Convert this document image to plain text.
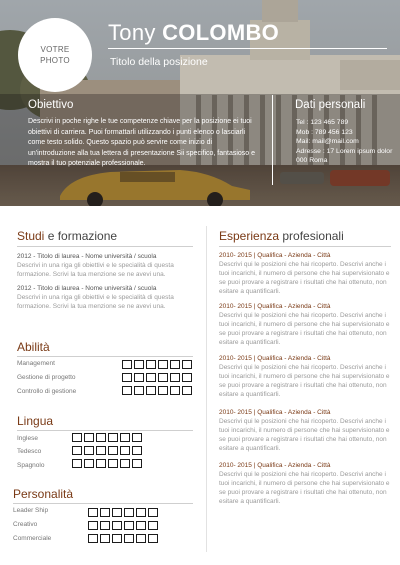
VOTRE
PHOTO
Tony COLOMBO
Titolo della posizione
Obiettivo
Descrivi in poche righe le tue competenze chiave per la posizione ei tuoi obiettivi di carriera. Puoi formattarli utilizzando i punti elenco o lasciarli come testo solido. Questo spazio può servire come inizio di un'introduzione alla tua lettera di presentazione Sii specifico, fantasioso e mostra il tuo potenziale professionale.
Dati personali
Tel : 123 465 789
Mob : 789 456 123
Mail: mail@mail.com
Adresse : 17 Lorem ipsum dolor
000 Roma
Studi e formazione
2012 - Titolo di laurea - Nome università / scuola
Descrivi in una riga gli obiettivi e le specialità di questa formazione. Scrivi la tua menzione se ne avevi una.
2012 - Titolo di laurea - Nome università / scuola
Descrivi in una riga gli obiettivi e le specialità di questa formazione. Scrivi la tua menzione se ne avevi una.
Abilità
Management
Gestione di progetto
Controllo di gestione
Lingua
Inglese
Tedesco
Spagnolo
Personalità
Leader Ship
Creativo
Commerciale
Esperienza profesionali
2010- 2015 | Qualifica - Azienda - Città
Descrivi qui le posizioni che hai ricoperto. Descrivi anche i tuoi incarichi, il numero di persone che hai supervisionato e se puoi provare a registrare i risultati che hai ottenuto, non esitare a quantificarli.
2010- 2015 | Qualifica - Azienda - Città
Descrivi qui le posizioni che hai ricoperto. Descrivi anche i tuoi incarichi, il numero di persone che hai supervisionato e se puoi provare a registrare i risultati che hai ottenuto, non esitare a quantificarli.
2010- 2015 | Qualifica - Azienda - Città
Descrivi qui le posizioni che hai ricoperto. Descrivi anche i tuoi incarichi, il numero di persone che hai supervisionato e se puoi provare a registrare i risultati che hai ottenuto, non esitare a quantificarli.
2010- 2015 | Qualifica - Azienda - Città
Descrivi qui le posizioni che hai ricoperto. Descrivi anche i tuoi incarichi, il numero di persone che hai supervisionato e se puoi provare a registrare i risultati che hai ottenuto, non esitare a quantificarli.
2010- 2015 | Qualifica - Azienda - Città
Descrivi qui le posizioni che hai ricoperto. Descrivi anche i tuoi incarichi, il numero di persone che hai supervisionato e se puoi provare a registrare i risultati che hai ottenuto, non esitare a quantificarli.
